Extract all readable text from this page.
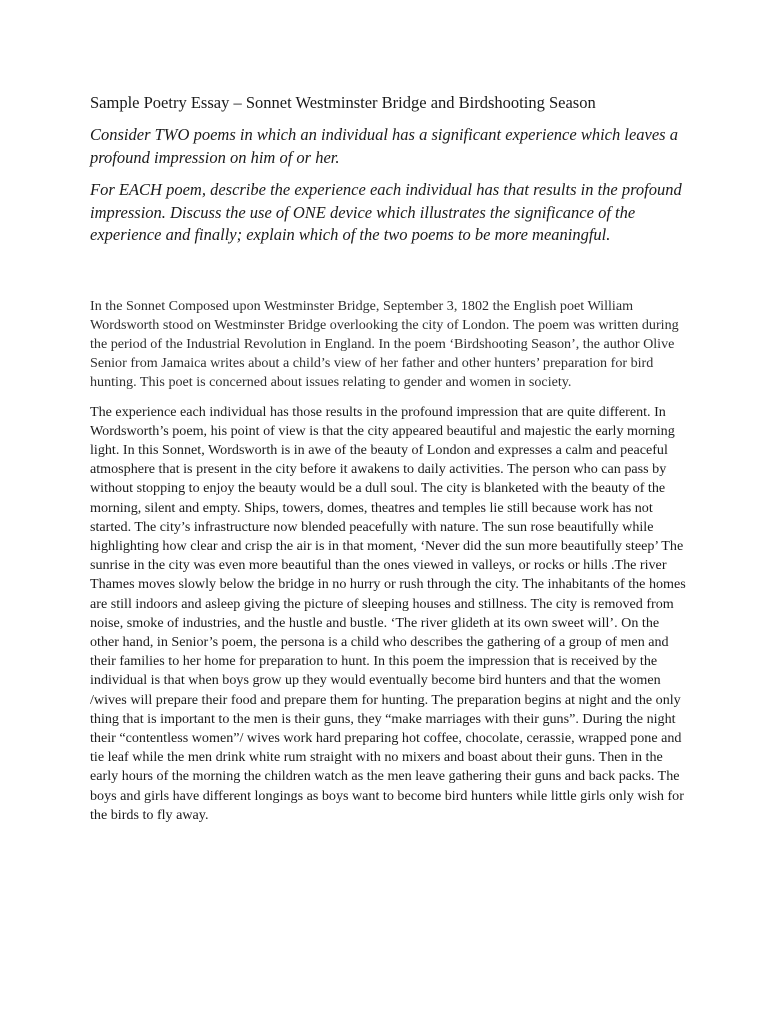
Sample Poetry Essay – Sonnet Westminster Bridge and Birdshooting Season

Consider TWO poems in which an individual has a significant experience which leaves a profound impression on him of or her.

For EACH poem, describe the experience each individual has that results in the profound impression. Discuss the use of ONE device which illustrates the significance of the experience and finally; explain which of the two poems to be more meaningful.

In the Sonnet Composed upon Westminster Bridge, September 3, 1802 the English poet William Wordsworth stood on Westminster Bridge overlooking the city of London. The poem was written during the period of the Industrial Revolution in England. In the poem ‘Birdshooting Season’, the author Olive Senior from Jamaica writes about a child’s view of her father and other hunters’ preparation for bird hunting. This poet is concerned about issues relating to gender and women in society.

The experience each individual has those results in the profound impression that are quite different. In Wordsworth’s poem, his point of view is that the city appeared beautiful and majestic the early morning light. In this Sonnet, Wordsworth is in awe of the beauty of London and expresses a calm and peaceful atmosphere that is present in the city before it awakens to daily activities. The person who can pass by without stopping to enjoy the beauty would be a dull soul. The city is blanketed with the beauty of the morning, silent and empty. Ships, towers, domes, theatres and temples lie still because work has not started. The city’s infrastructure now blended peacefully with nature. The sun rose beautifully while highlighting how clear and crisp the air is in that moment, ‘Never did the sun more beautifully steep’ The sunrise in the city was even more beautiful than the ones viewed in valleys, or rocks or hills .The river Thames moves slowly below the bridge in no hurry or rush through the city. The inhabitants of the homes are still indoors and asleep giving the picture of sleeping houses and stillness. The city is removed from noise, smoke of industries, and the hustle and bustle. ‘The river glideth at its own sweet will’. On the other hand, in Senior’s poem, the persona is a child who describes the gathering of a group of men and their families to her home for preparation to hunt. In this poem the impression that is received by the individual is that when boys grow up they would eventually become bird hunters and that the women /wives will prepare their food and prepare them for hunting. The preparation begins at night and the only thing that is important to the men is their guns, they “make marriages with their guns”. During the night their “contentless women”/ wives work hard preparing hot coffee, chocolate, cerassie, wrapped pone and tie leaf while the men drink white rum straight with no mixers and boast about their guns. Then in the early hours of the morning the children watch as the men leave gathering their guns and back packs. The boys and girls have different longings as boys want to become bird hunters while little girls only wish for the birds to fly away.
